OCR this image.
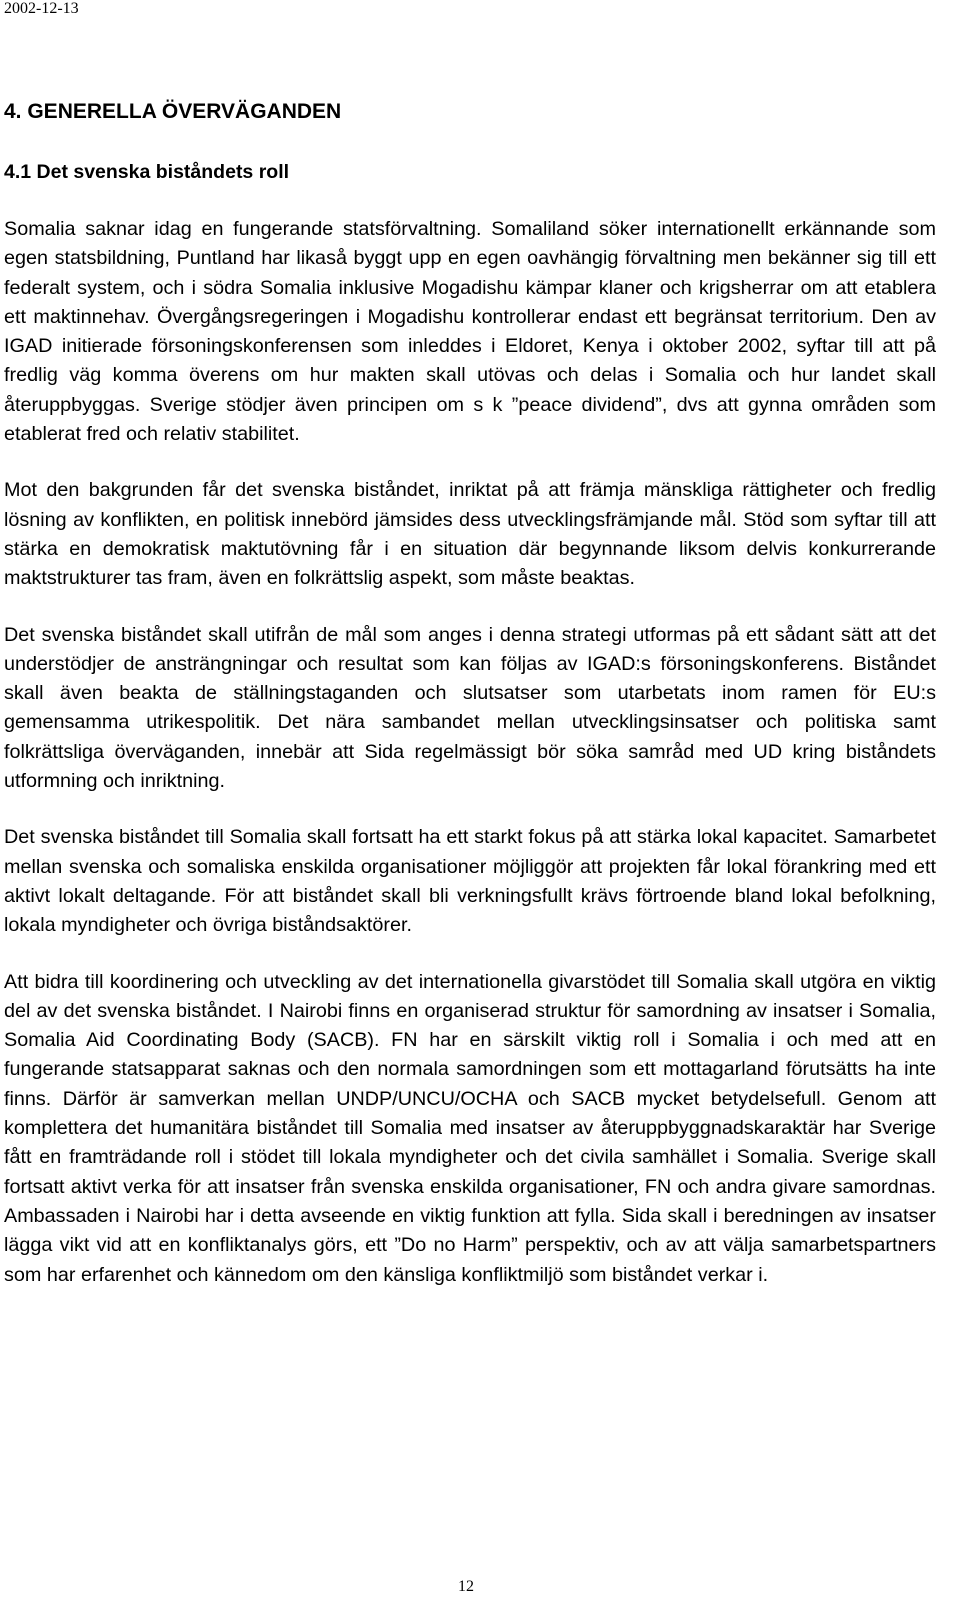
2002-12-13
4. GENERELLA ÖVERVÄGANDEN
4.1 Det svenska biståndets roll

Somalia saknar idag en fungerande statsförvaltning. Somaliland söker internationellt erkännande som egen statsbildning, Puntland har likaså byggt upp en egen oavhängig förvaltning men bekänner sig till ett federalt system, och i södra Somalia inklusive Mogadishu kämpar klaner och krigsherrar om att etablera ett maktinnehav. Övergångsregeringen i Mogadishu kontrollerar endast ett begränsat territorium. Den av IGAD initierade försoningskonferensen som inleddes i Eldoret, Kenya i oktober 2002, syftar till att på fredlig väg komma överens om hur makten skall utövas och delas i Somalia och hur landet skall återuppbyggas. Sverige stödjer även principen om s k ”peace dividend”, dvs att gynna områden som etablerat fred och relativ stabilitet.

Mot den bakgrunden får det svenska biståndet, inriktat på att främja mänskliga rättigheter och fredlig lösning av konflikten, en politisk innebörd jämsides dess utvecklingsfrämjande mål. Stöd som syftar till att stärka en demokratisk maktutövning får i en situation där begynnande liksom delvis konkurrerande maktstrukturer tas fram, även en folkrättslig aspekt, som måste beaktas.

Det svenska biståndet skall utifrån de mål som anges i denna strategi utformas på ett sådant sätt att det understödjer de ansträngningar och resultat som kan följas av IGAD:s försoningskonferens. Biståndet skall även beakta de ställningstaganden och slutsatser som utarbetats inom ramen för EU:s gemensamma utrikespolitik. Det nära sambandet mellan utvecklingsinsatser och politiska samt folkrättsliga överväganden, innebär att Sida regelmässigt bör söka samråd med UD kring biståndets utformning och inriktning.

Det svenska biståndet till Somalia skall fortsatt ha ett starkt fokus på att stärka lokal kapacitet. Samarbetet mellan svenska och somaliska enskilda organisationer möjliggör att projekten får lokal förankring med ett aktivt lokalt deltagande. För att biståndet skall bli verkningsfullt krävs förtroende bland lokal befolkning, lokala myndigheter och övriga biståndsaktörer.

Att bidra till koordinering och utveckling av det internationella givarstödet till Somalia skall utgöra en viktig del av det svenska biståndet. I Nairobi finns en organiserad struktur för samordning av insatser i Somalia, Somalia Aid Coordinating Body (SACB). FN har en särskilt viktig roll i Somalia i och med att en fungerande statsapparat saknas och den normala samordningen som ett mottagarland förutsätts ha inte finns. Därför är samverkan mellan UNDP/UNCU/OCHA och SACB mycket betydelsefull. Genom att komplettera det humanitära biståndet till Somalia med insatser av återuppbyggnadskaraktär har Sverige fått en framträdande roll i stödet till lokala myndigheter och det civila samhället i Somalia. Sverige skall fortsatt aktivt verka för att insatser från svenska enskilda organisationer, FN och andra givare samordnas. Ambassaden i Nairobi har i detta avseende en viktig funktion att fylla. Sida skall i beredningen av insatser lägga vikt vid att en konfliktanalys görs, ett ”Do no Harm” perspektiv, och av att välja samarbetspartners som har erfarenhet och kännedom om den känsliga konfliktmiljö som biståndet verkar i.

12
